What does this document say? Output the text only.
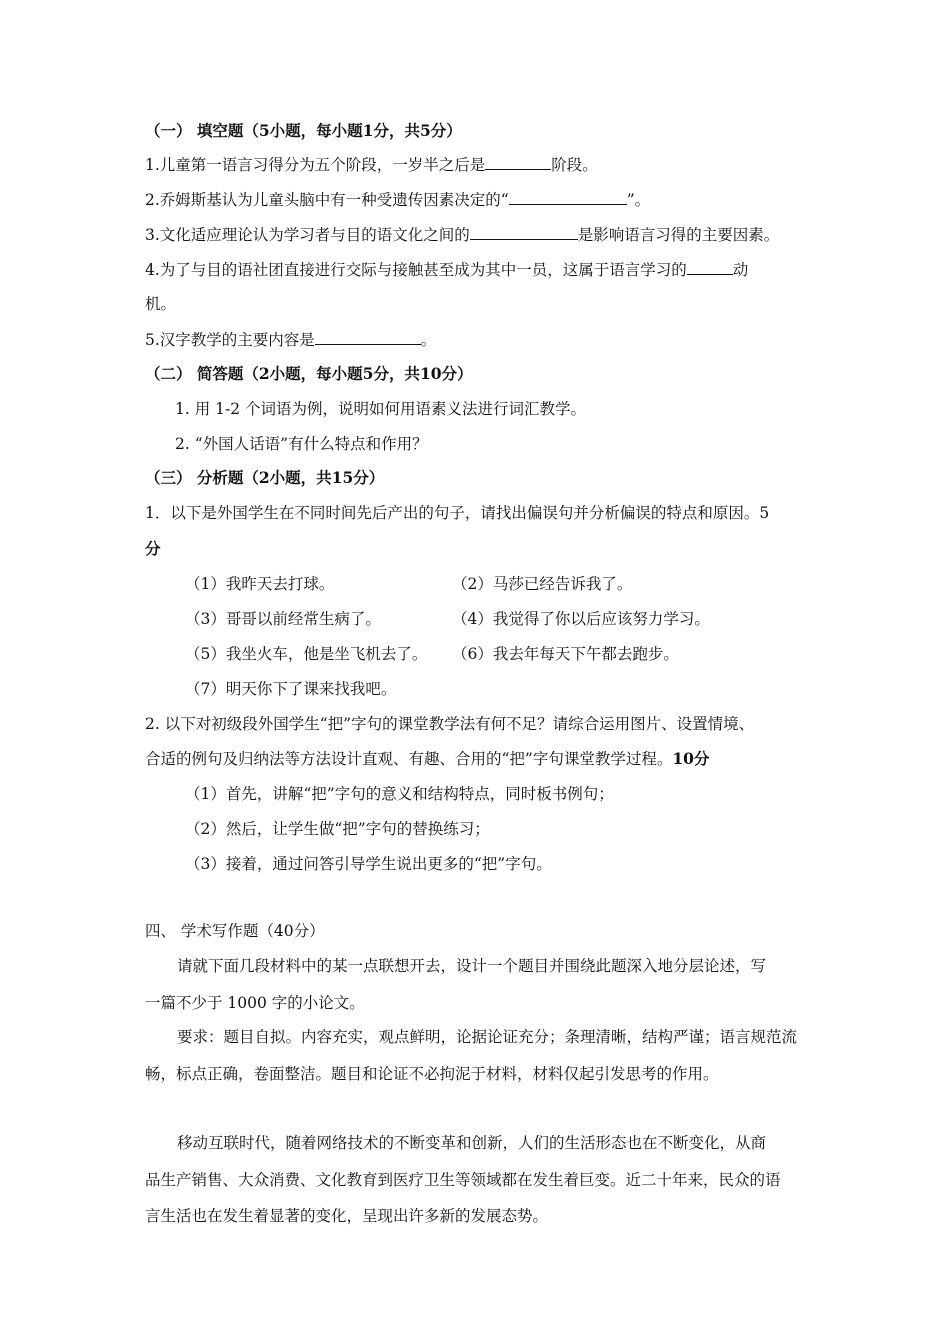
（一） 填空题（5小题，每小题1分，共5分）
1.儿童第一语言习得分为五个阶段，一岁半之后是	阶段。
2.乔姆斯基认为儿童头脑中有一种受遗传因素决定的“	”。
3.文化适应理论认为学习者与目的语文化之间的	是影响语言习得的主要因素。
4.为了与目的语社团直接进行交际与接触甚至成为其中一员，这属于语言学习的	动
机。
5.汉字教学的主要内容是	。
（二） 简答题（2小题，每小题5分，共10分）
1. 用 1-2 个词语为例，说明如何用语素义法进行词汇教学。
2. “外国人话语”有什么特点和作用？
（三） 分析题（2小题，共15分）
1．以下是外国学生在不同时间先后产出的句子，请找出偏误句并分析偏误的特点和原因。5
分
（1）我昨天去打球。	（2）马莎已经告诉我了。
（3）哥哥以前经常生病了。	（4）我觉得了你以后应该努力学习。
（5）我坐火车，他是坐飞机去了。 （6）我去年每天下午都去跑步。
（7）明天你下了课来找我吧。
2. 以下对初级段外国学生“把”字句的课堂教学法有何不足？请综合运用图片、设置情境、
合适的例句及归纳法等方法设计直观、有趣、合用的“把”字句课堂教学过程。10分
（1）首先，讲解“把”字句的意义和结构特点，同时板书例句；
（2）然后，让学生做“把”字句的替换练习；
（3）接着，通过问答引导学生说出更多的“把”字句。
四、 学术写作题（40分）
请就下面几段材料中的某一点联想开去，设计一个题目并围绕此题深入地分层论述，写
一篇不少于 1000 字的小论文。
要求：题目自拟。内容充实，观点鲜明，论据论证充分；条理清晰，结构严谨；语言规范流
畅，标点正确，卷面整洁。题目和论证不必拘泥于材料，材料仅起引发思考的作用。
移动互联时代，随着网络技术的不断变革和创新，人们的生活形态也在不断变化，从商
品生产销售、大众消费、文化教育到医疗卫生等领域都在发生着巨变。近二十年来，民众的语
言生活也在发生着显著的变化，呈现出许多新的发展态势。
